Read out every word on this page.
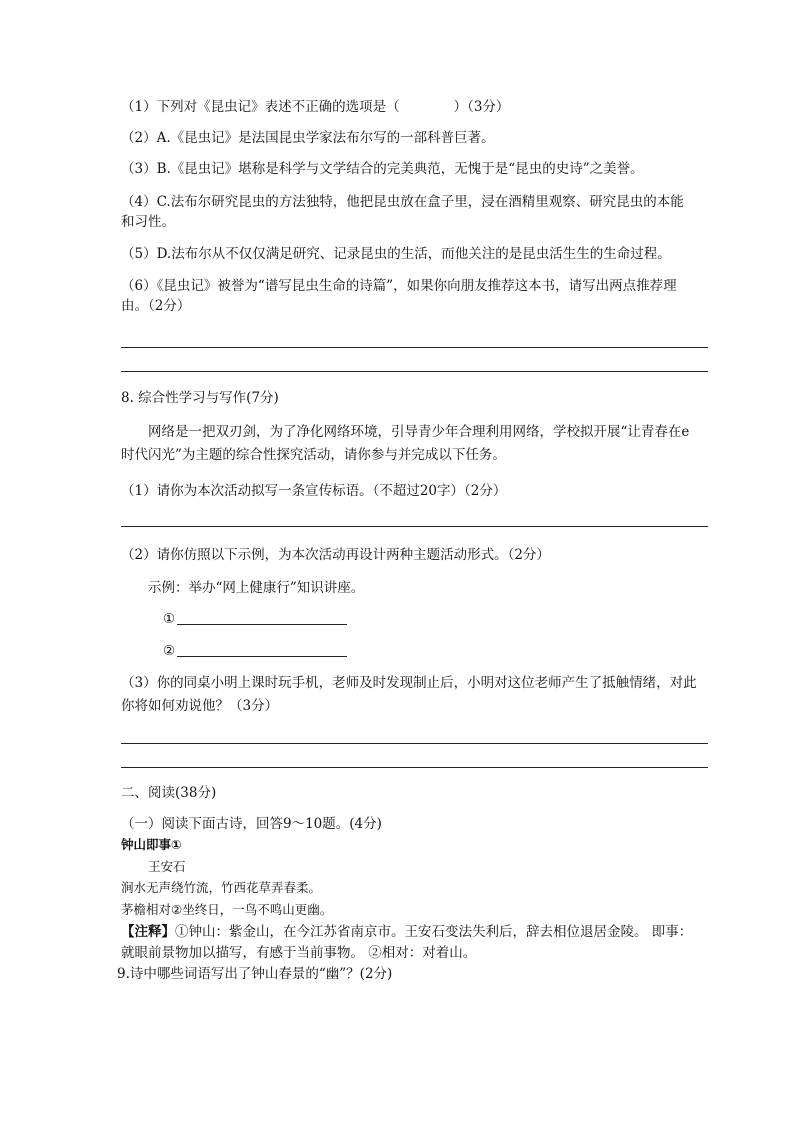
（1）下列对《昆虫记》表述不正确的选项是（　　　　）（3分）
（2）A.《昆虫记》是法国昆虫学家法布尔写的一部科普巨著。
（3）B.《昆虫记》堪称是科学与文学结合的完美典范，无愧于是“昆虫的史诗”之美誉。
（4）C.法布尔研究昆虫的方法独特，他把昆虫放在盒子里，浸在酒精里观察、研究昆虫的本能
和习性。
（5）D.法布尔从不仅仅满足研究、记录昆虫的生活，而他关注的是昆虫活生生的生命过程。
（6）《昆虫记》被誉为“谱写昆虫生命的诗篇”，如果你向朋友推荐这本书，请写出两点推荐理
由。（2分）
8. 综合性学习与写作(7分)
网络是一把双刃剑，为了净化网络环境，引导青少年合理利用网络，学校拟开展“让青春在e
时代闪光”为主题的综合性探究活动，请你参与并完成以下任务。
（1）请你为本次活动拟写一条宣传标语。（不超过20字）（2分）
（2）请你仿照以下示例，为本次活动再设计两种主题活动形式。（2分）
示例：举办“网上健康行”知识讲座。
①
②
（3）你的同桌小明上课时玩手机，老师及时发现制止后，小明对这位老师产生了抵触情绪，对此
你将如何劝说他？（3分）
二、阅读(38分)
（一）阅读下面古诗，回答9～10题。(4分)
钟山即事①
王安石
涧水无声绕竹流，竹西花草弄春柔。
茅檐相对②坐终日，一鸟不鸣山更幽。
【注释】①钟山：紫金山，在今江苏省南京市。王安石变法失利后，辞去相位退居金陵。 即事：
就眼前景物加以描写，有感于当前事物。 ②相对：对着山。
9.诗中哪些词语写出了钟山春景的“幽”？(2分)
